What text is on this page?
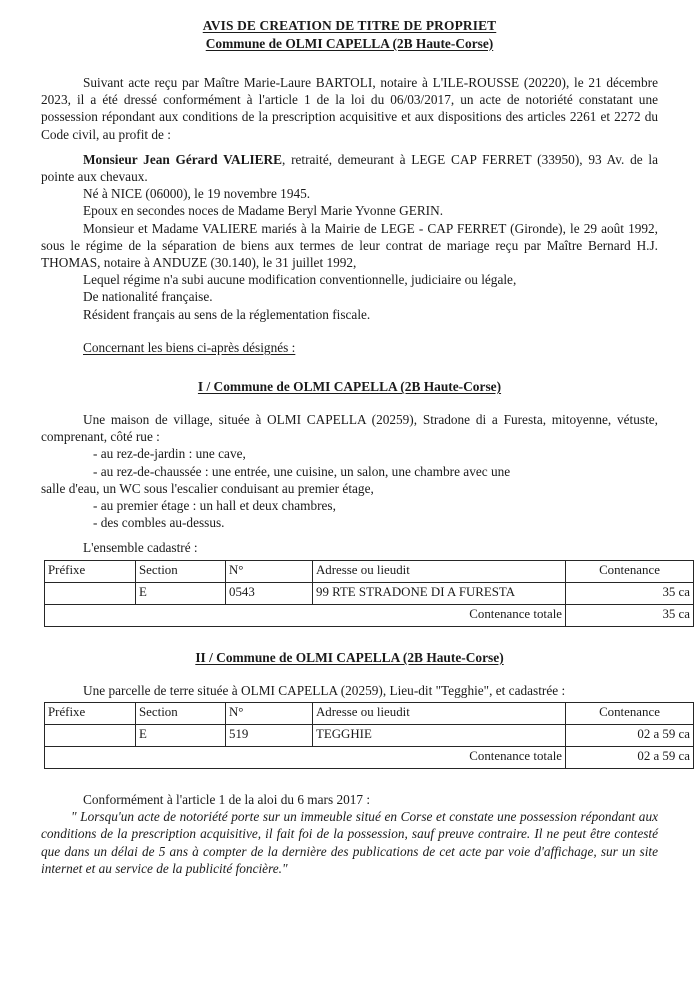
AVIS DE CREATION DE TITRE DE PROPRIET
Commune de OLMI CAPELLA (2B Haute-Corse)

Suivant acte reçu par Maître Marie-Laure BARTOLI, notaire à L'ILE-ROUSSE (20220), le 21 décembre 2023, il a été dressé conformément à l'article 1 de la loi du 06/03/2017, un acte de notoriété constatant une possession répondant aux conditions de la prescription acquisitive et aux dispositions des articles 2261 et 2272 du Code civil, au profit de :

Monsieur Jean Gérard VALIERE, retraité, demeurant à LEGE CAP FERRET (33950), 93 Av. de la pointe aux chevaux.

Né à NICE (06000), le 19 novembre 1945.

Epoux en secondes noces de Madame Beryl Marie Yvonne GERIN.

Monsieur et Madame VALIERE mariés à la Mairie de LEGE - CAP FERRET (Gironde), le 29 août 1992, sous le régime de la séparation de biens aux termes de leur contrat de mariage reçu par Maître Bernard H.J. THOMAS, notaire à ANDUZE (30.140), le 31 juillet 1992,

Lequel régime n'a subi aucune modification conventionnelle, judiciaire ou légale,

De nationalité française.

Résident français au sens de la réglementation fiscale.

Concernant les biens ci-après désignés :

I / Commune de OLMI CAPELLA (2B Haute-Corse)

Une maison de village, située à OLMI CAPELLA (20259), Stradone di a Furesta, mitoyenne, vétuste, comprenant, côté rue :

- au rez-de-jardin : une cave,

- au rez-de-chaussée : une entrée, une cuisine, un salon, une chambre avec une

salle d'eau, un WC sous l'escalier conduisant au premier étage,

- au premier étage : un hall et deux chambres,

- des combles au-dessus.

L'ensemble cadastré :

Préfixe	Section	N°	Adresse ou lieudit	Contenance
	E	0543	99 RTE STRADONE DI A FURESTA	35 ca
Contenance totale				35 ca
II / Commune de OLMI CAPELLA (2B Haute-Corse)

Une parcelle de terre située à OLMI CAPELLA (20259), Lieu-dit "Tegghie", et cadastrée :

Préfixe	Section	N°	Adresse ou lieudit	Contenance
	E	519	TEGGHIE	02 a 59 ca
Contenance totale				02 a 59 ca

Conformément à l'article 1 de la aloi du 6 mars 2017 :

" Lorsqu'un acte de notoriété porte sur un immeuble situé en Corse et constate une possession répondant aux conditions de la prescription acquisitive, il fait foi de la possession, sauf preuve contraire. Il ne peut être contesté que dans un délai de 5 ans à compter de la dernière des publications de cet acte par voie d'affichage, sur un site internet et au service de la publicité foncière."
